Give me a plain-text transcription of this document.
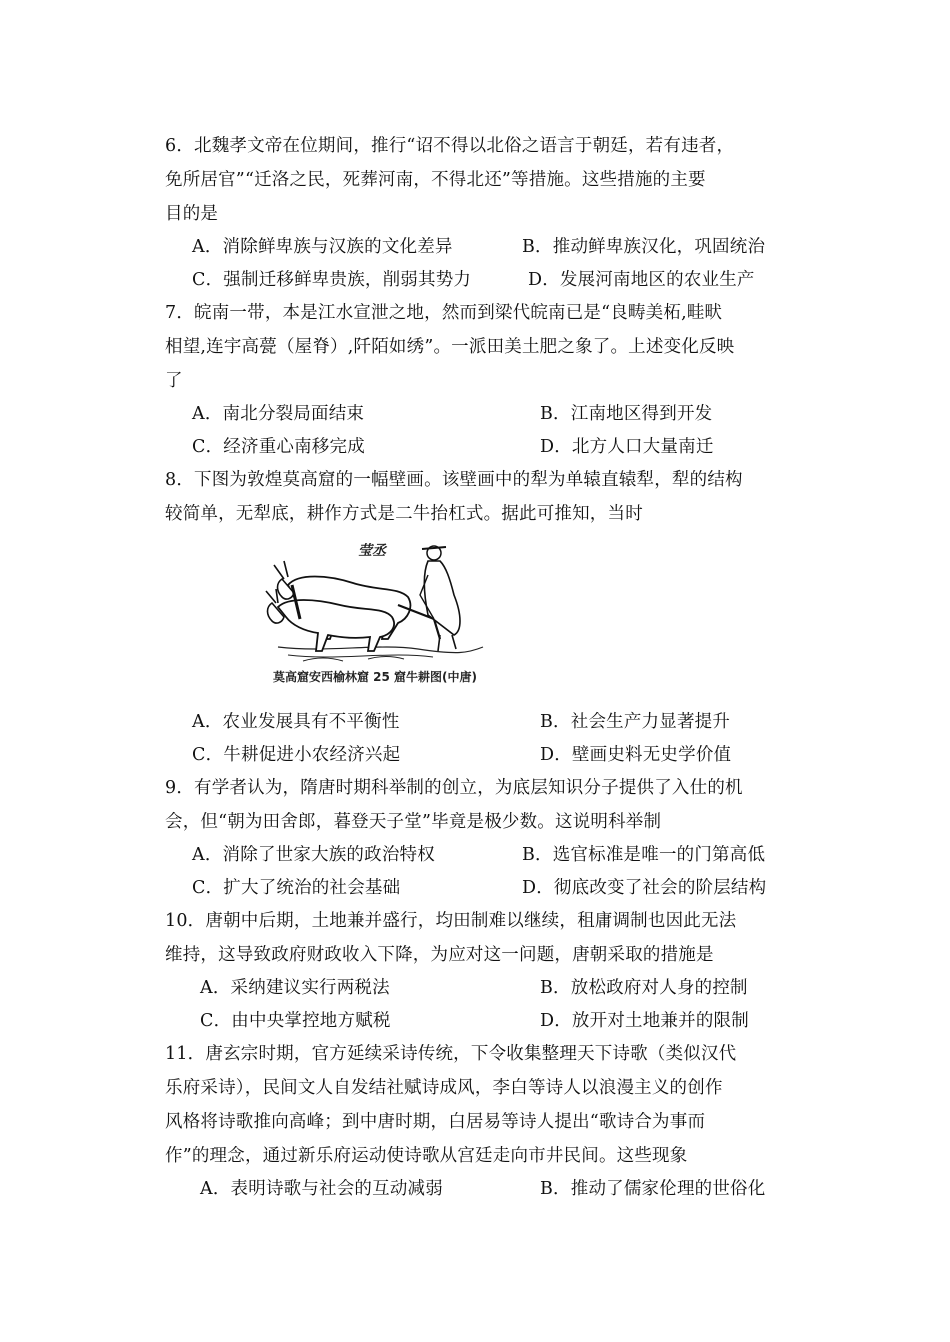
6．北魏孝文帝在位期间，推行“诏不得以北俗之语言于朝廷，若有违者，

免所居官”“迁洛之民，死葬河南，不得北还”等措施。这些措施的主要

目的是

A．消除鲜卑族与汉族的文化差异	B．推动鲜卑族汉化，巩固统治

C．强制迁移鲜卑贵族，削弱其势力	D．发展河南地区的农业生产

7．皖南一带，本是江水宣泄之地，然而到梁代皖南已是“良畴美柘,畦畎

相望,连宇高甍（屋脊）,阡陌如绣”。一派田美土肥之象了。上述变化反映

了

A．南北分裂局面结束	B．江南地区得到开发

C．经济重心南移完成	D．北方人口大量南迁

8．下图为敦煌莫高窟的一幅壁画。该壁画中的犁为单辕直辕犁，犁的结构

较简单，无犁底，耕作方式是二牛抬杠式。据此可推知，当时

莹丞
莫高窟安西榆林窟 25 窟牛耕图(中唐)

A．农业发展具有不平衡性	B．社会生产力显著提升

C．牛耕促进小农经济兴起	D．壁画史料无史学价值

9．有学者认为，隋唐时期科举制的创立，为底层知识分子提供了入仕的机

会，但“朝为田舍郎，暮登天子堂”毕竟是极少数。这说明科举制

A．消除了世家大族的政治特权	B．选官标准是唯一的门第高低

C．扩大了统治的社会基础	D．彻底改变了社会的阶层结构

10．唐朝中后期，土地兼并盛行，均田制难以继续，租庸调制也因此无法

维持，这导致政府财政收入下降，为应对这一问题，唐朝采取的措施是

A．采纳建议实行两税法	B．放松政府对人身的控制

C．由中央掌控地方赋税	D．放开对土地兼并的限制

11．唐玄宗时期，官方延续采诗传统，下令收集整理天下诗歌（类似汉代

乐府采诗），民间文人自发结社赋诗成风，李白等诗人以浪漫主义的创作

风格将诗歌推向高峰；到中唐时期，白居易等诗人提出“歌诗合为事而

作”的理念，通过新乐府运动使诗歌从宫廷走向市井民间。这些现象

A．表明诗歌与社会的互动减弱	B．推动了儒家伦理的世俗化
